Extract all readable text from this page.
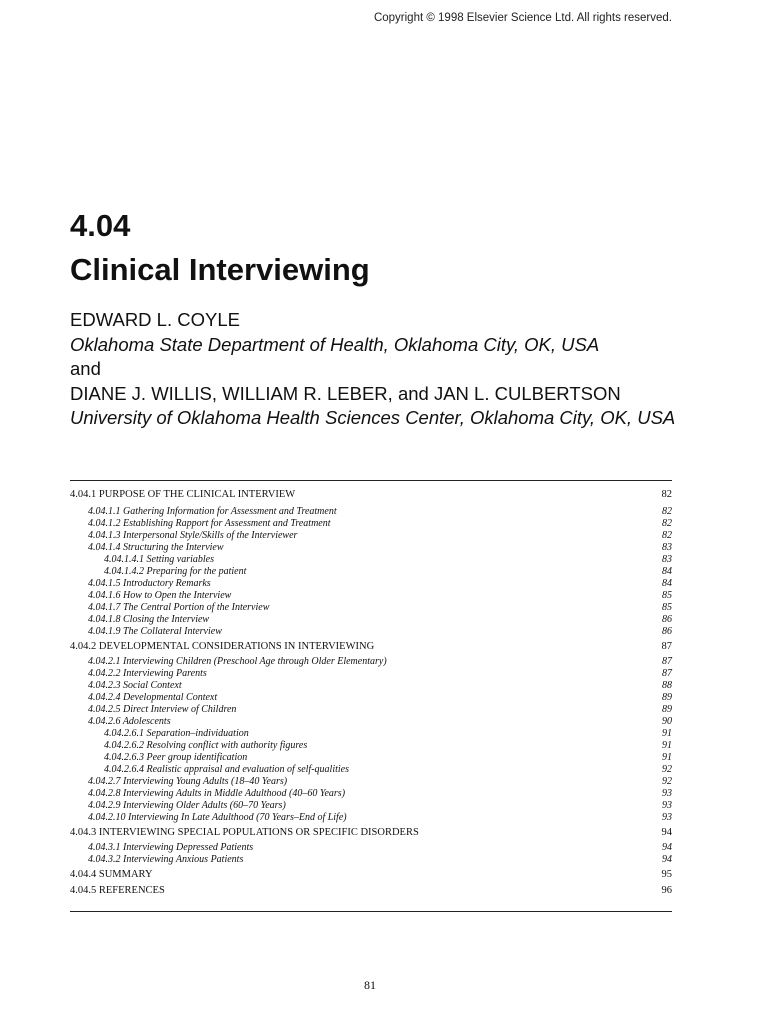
Copyright © 1998 Elsevier Science Ltd. All rights reserved.
4.04
Clinical Interviewing
EDWARD L. COYLE
Oklahoma State Department of Health, Oklahoma City, OK, USA
and
DIANE J. WILLIS, WILLIAM R. LEBER, and JAN L. CULBERTSON
University of Oklahoma Health Sciences Center, Oklahoma City, OK, USA
4.04.1 PURPOSE OF THE CLINICAL INTERVIEW	82
4.04.1.1 Gathering Information for Assessment and Treatment	82
4.04.1.2 Establishing Rapport for Assessment and Treatment	82
4.04.1.3 Interpersonal Style/Skills of the Interviewer	82
4.04.1.4 Structuring the Interview	83
4.04.1.4.1 Setting variables	83
4.04.1.4.2 Preparing for the patient	84
4.04.1.5 Introductory Remarks	84
4.04.1.6 How to Open the Interview	85
4.04.1.7 The Central Portion of the Interview	85
4.04.1.8 Closing the Interview	86
4.04.1.9 The Collateral Interview	86
4.04.2 DEVELOPMENTAL CONSIDERATIONS IN INTERVIEWING	87
4.04.2.1 Interviewing Children (Preschool Age through Older Elementary)	87
4.04.2.2 Interviewing Parents	87
4.04.2.3 Social Context	88
4.04.2.4 Developmental Context	89
4.04.2.5 Direct Interview of Children	89
4.04.2.6 Adolescents	90
4.04.2.6.1 Separation–individuation	91
4.04.2.6.2 Resolving conflict with authority figures	91
4.04.2.6.3 Peer group identification	91
4.04.2.6.4 Realistic appraisal and evaluation of self-qualities	92
4.04.2.7 Interviewing Young Adults (18–40 Years)	92
4.04.2.8 Interviewing Adults in Middle Adulthood (40–60 Years)	93
4.04.2.9 Interviewing Older Adults (60–70 Years)	93
4.04.2.10 Interviewing In Late Adulthood (70 Years–End of Life)	93
4.04.3 INTERVIEWING SPECIAL POPULATIONS OR SPECIFIC DISORDERS	94
4.04.3.1 Interviewing Depressed Patients	94
4.04.3.2 Interviewing Anxious Patients	94
4.04.4 SUMMARY	95
4.04.5 REFERENCES	96
81
